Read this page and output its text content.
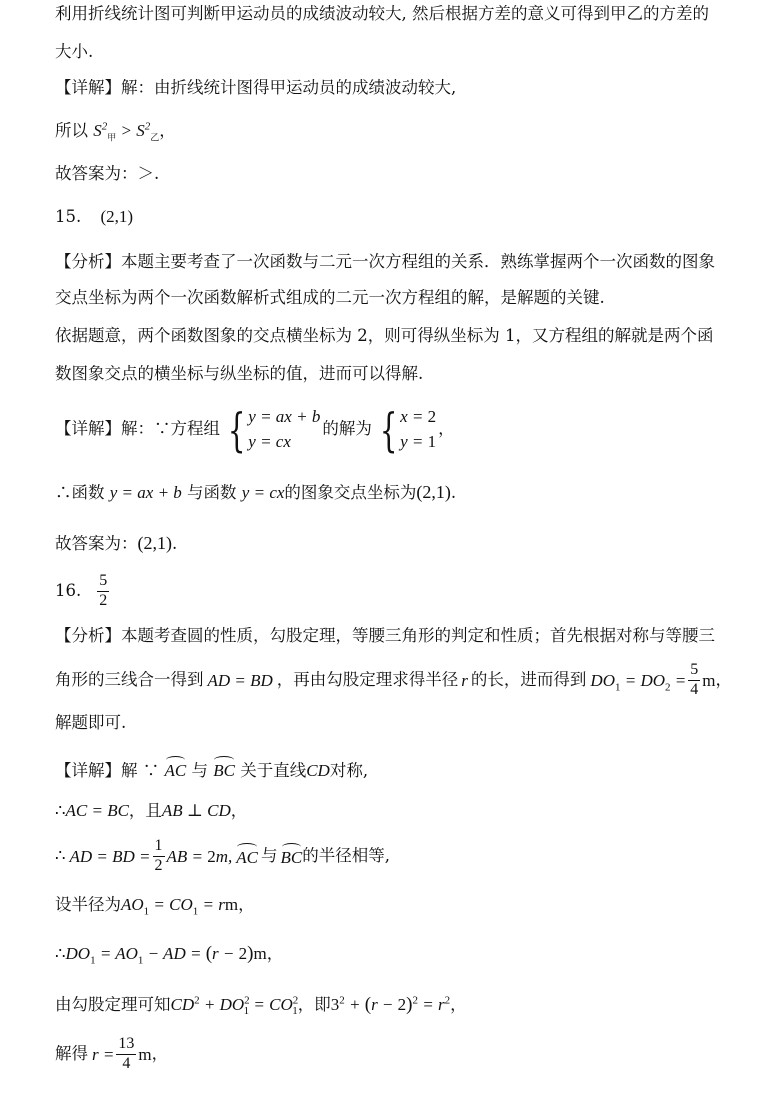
利用折线统计图可判断甲运动员的成绩波动较大, 然后根据方差的意义可得到甲乙的方差的
大小.
【详解】解：由折线统计图得甲运动员的成绩波动较大,
所以 $S^2_甲 > S^2_乙$，
故答案为：＞.
15. (2,1)
【分析】本题主要考查了一次函数与二元一次方程组的关系．熟练掌握两个一次函数的图象
交点坐标为两个一次函数解析式组成的二元一次方程组的解，是解题的关键.
依据题意，两个函数图象的交点横坐标为 2，则可得纵坐标为 1，又方程组的解就是两个函
数图象交点的横坐标与纵坐标的值，进而可以得解.
【详解】 解：∵方程组 { y = ax + b
y = cx
的解为 { x = 2
y = 1
，
∴函数 y = ax + b 与函数 y = cx的图象交点坐标为(2,1).
故答案为：(2,1).
16. $\frac{5}{2}$
【分析】本题考查圆的性质，勾股定理，等腰三角形的判定和性质；首先根据对称与等腰三
角形的三线合一得到 AD = BD ，再由勾股定理求得半径 r 的长，进而得到 $DO_1 = DO_2 = \frac{5}{4}$ m ，
解题即可.
【详解】解 ∵ AC 与 BC 关于直线CD对称,
∴AC = BC，且AB ⊥ CD，
∴ AD = BD = $\frac{1}{2}$ AB = 2m, AC 与 BC 的半径相等,
设半径为$AO_1 = CO_1$ = rm，
$\therefore DO_1 = AO_1$ − AD = (r − 2)m，
由勾股定理可知$CD^2 + DO^2_1 = CO^2_1$，即$3^2 + (r - 2)^2 = r^2$，
解得 $r = \frac{13}{4}$ m ，
